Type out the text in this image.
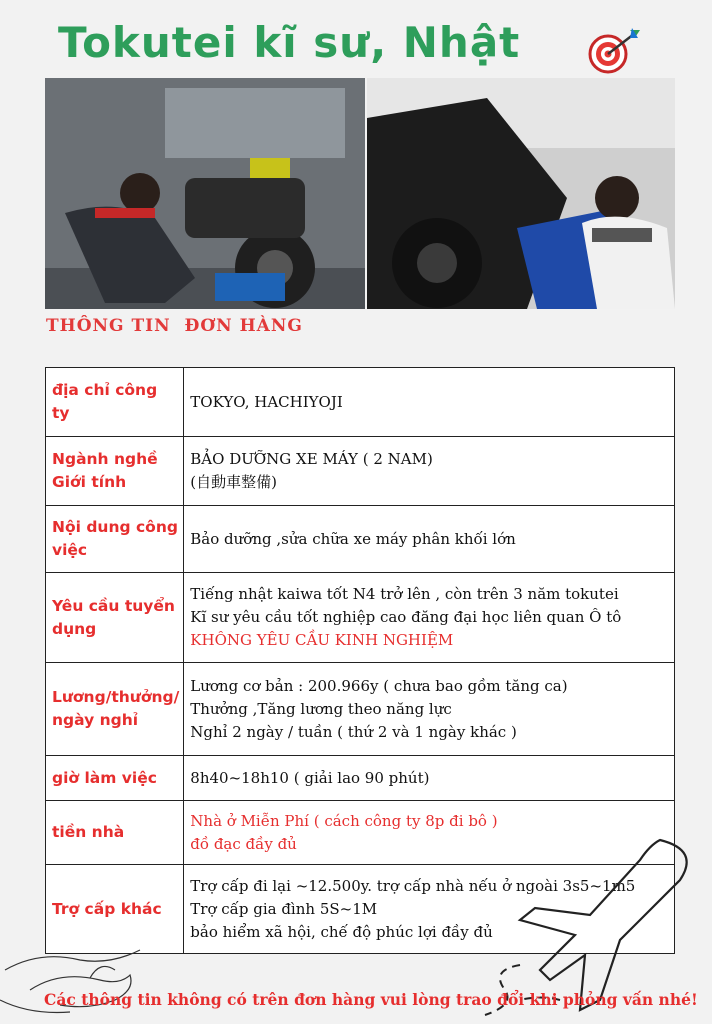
Tokutei kĩ sư, Nhật
THÔNG TIN  ĐƠN HÀNG
địa chỉ công ty	TOKYO, HACHIYOJI

Ngành nghề Giới tính	BẢO DƯỠNG XE MÁY ( 2 NAM)
(自動車整備)

Nội dung công việc	Bảo dưỡng ,sửa chữa xe máy phân khối lớn

Yêu cầu tuyển dụng	Tiếng nhật kaiwa tốt N4 trở lên , còn trên 3 năm tokutei
Kĩ sư yêu cầu tốt nghiệp cao đăng đại học liên quan Ô tô
KHÔNG YÊU CẦU KINH NGHIỆM

Lương/thưởng/ ngày nghỉ	Lương cơ bản : 200.966y ( chưa bao gồm tăng ca)
Thưởng ,Tăng lương theo năng lực
Nghỉ 2 ngày / tuần ( thứ 2 và 1 ngày khác )

giờ làm việc	8h40~18h10 ( giải lao 90 phút)

tiền nhà	Nhà ở Miễn Phí ( cách công ty 8p đi bô )
đồ đạc đầy đủ

Trợ cấp khác	Trợ cấp đi lại ~12.500y. trợ cấp nhà nếu ở ngoài 3s5~1m5
Trợ cấp gia đình 5S~1M
bảo hiểm xã hội, chế độ phúc lợi đầy đủ
Các thông tin không có trên đơn hàng vui lòng trao đổi khi phỏng vấn nhé!
